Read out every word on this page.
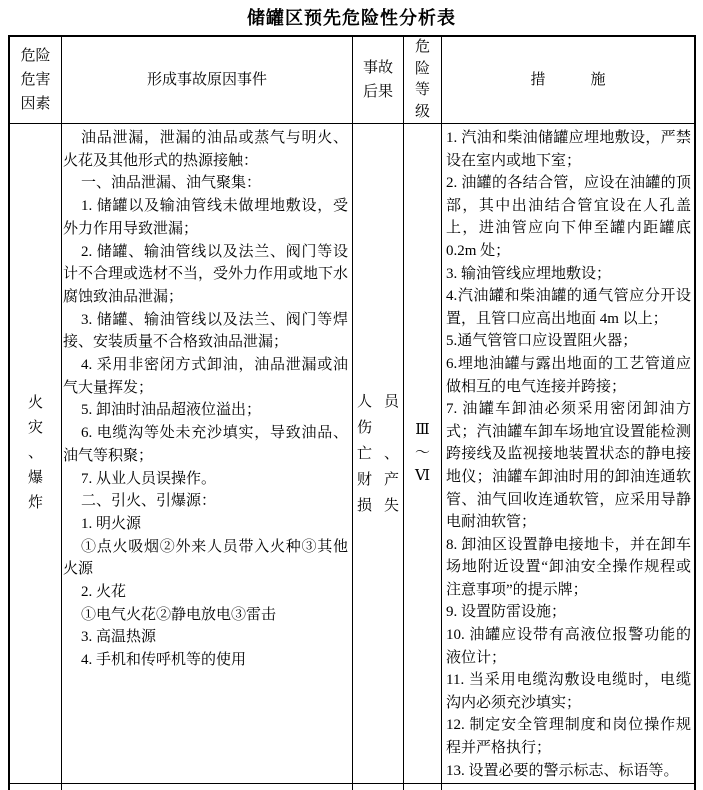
储罐区预先危险性分析表
危险
危害
因素
形成事故原因事件
事故
后果
危
险
等
级
措　　　施
火
灾
、
爆
炸

油品泄漏，泄漏的油品或蒸气与明火、火花及其他形式的热源接触：

一、油品泄漏、油气聚集：

1. 储罐以及输油管线未做埋地敷设，受外力作用导致泄漏；

2. 储罐、输油管线以及法兰、阀门等设计不合理或选材不当，受外力作用或地下水腐蚀致油品泄漏；

3. 储罐、输油管线以及法兰、阀门等焊接、安装质量不合格致油品泄漏；

4. 采用非密闭方式卸油，油品泄漏或油气大量挥发；

5. 卸油时油品超液位溢出；

6. 电缆沟等处未充沙填实，导致油品、油气等积聚；

7. 从业人员误操作。

二、引火、引爆源：

1. 明火源

①点火吸烟②外来人员带入火种③其他火源

2. 火花

①电气火花②静电放电③雷击

3. 高温热源

4. 手机和传呼机等的使用

人员
伤
亡、
财产
损失
Ⅲ
～
Ⅵ

1. 汽油和柴油储罐应埋地敷设，严禁设在室内或地下室；

2. 油罐的各结合管，应设在油罐的顶部，其中出油结合管宜设在人孔盖上，进油管应向下伸至罐内距罐底 0.2m 处；

3. 输油管线应埋地敷设；

4.汽油罐和柴油罐的通气管应分开设置，且管口应高出地面 4m 以上；

5.通气管管口应设置阻火器；

6.埋地油罐与露出地面的工艺管道应做相互的电气连接并跨接；

7. 油罐车卸油必须采用密闭卸油方式；汽油罐车卸车场地宜设置能检测跨接线及监视接地装置状态的静电接地仪；油罐车卸油时用的卸油连通软管、油气回收连通软管，应采用导静电耐油软管；

8. 卸油区设置静电接地卡，并在卸车场地附近设置“卸油安全操作规程或注意事项”的提示牌；

9. 设置防雷设施；

10. 油罐应设带有高液位报警功能的液位计；

11. 当采用电缆沟敷设电缆时，电缆沟内必须充沙填实；

12. 制定安全管理制度和岗位操作规程并严格执行；

13. 设置必要的警示标志、标语等。
